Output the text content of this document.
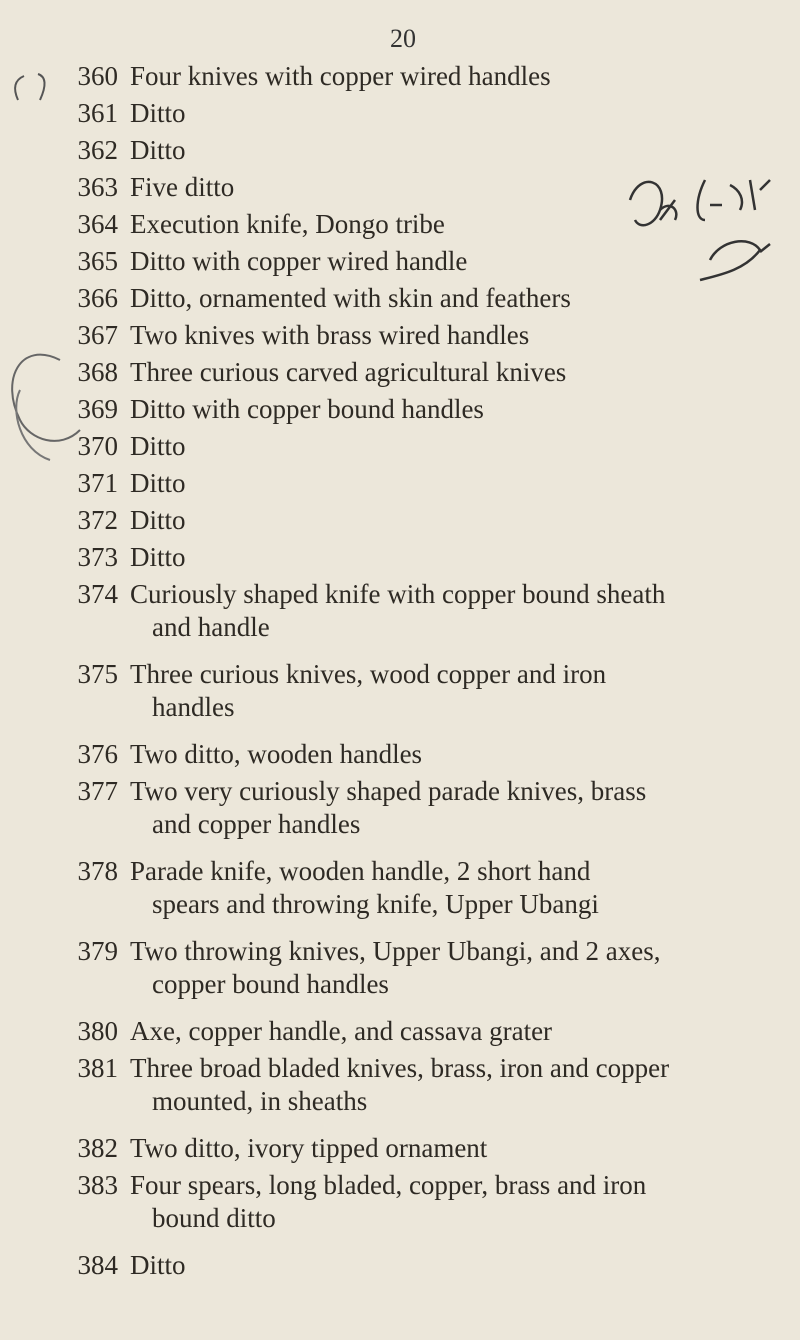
20
360 Four knives with copper wired handles
361 Ditto
362 Ditto
363 Five ditto
364 Execution knife, Dongo tribe
365 Ditto with copper wired handle
366 Ditto, ornamented with skin and feathers
367 Two knives with brass wired handles
368 Three curious carved agricultural knives
369 Ditto with copper bound handles
370 Ditto
371 Ditto
372 Ditto
373 Ditto
374 Curiously shaped knife with copper bound sheath
and handle
375 Three curious knives, wood copper and iron
handles
376 Two ditto, wooden handles
377 Two very curiously shaped parade knives, brass
and copper handles
378 Parade knife, wooden handle, 2 short hand
spears and throwing knife, Upper Ubangi
379 Two throwing knives, Upper Ubangi, and 2 axes,
copper bound handles
380 Axe, copper handle, and cassava grater
381 Three broad bladed knives, brass, iron and copper
mounted, in sheaths
382 Two ditto, ivory tipped ornament
383 Four spears, long bladed, copper, brass and iron
bound ditto
384 Ditto
